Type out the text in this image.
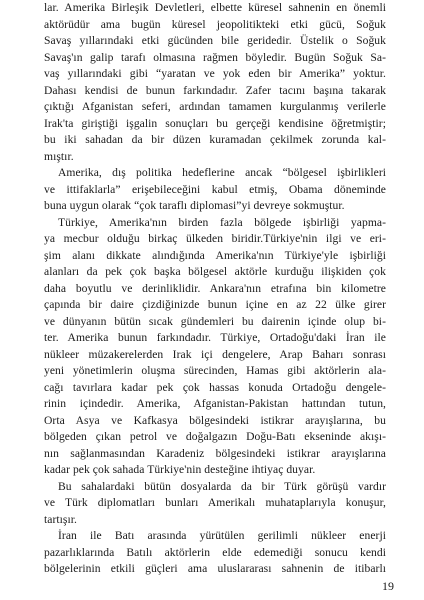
lar. Amerika Birleşik Devletleri, elbette küresel sahnenin en önemli
aktörüdür ama bugün küresel jeopolitikteki etki gücü, Soğuk
Savaş yıllarındaki etki gücünden bile geridedir. Üstelik o Soğuk
Savaş'ın galip tarafı olmasına rağmen böyledir. Bugün Soğuk Sa-
vaş yıllarındaki gibi “yaratan ve yok eden bir Amerika” yoktur.
Dahası kendisi de bunun farkındadır. Zafer tacını başına takarak
çıktığı Afganistan seferi, ardından tamamen kurgulanmış verilerle
Irak'ta giriştiği işgalin sonuçları bu gerçeği kendisine öğretmiştir;
bu iki sahadan da bir düzen kuramadan çekilmek zorunda kal-
mıştır.
Amerika, dış politika hedeflerine ancak “bölgesel işbirlikleri
ve ittifaklarla” erişebileceğini kabul etmiş, Obama döneminde
buna uygun olarak “çok taraflı diplomasi”yi devreye sokmuştur.
Türkiye, Amerika'nın birden fazla bölgede işbirliği yapma-
ya mecbur olduğu birkaç ülkeden biridir.Türkiye'nin ilgi ve eri-
şim alanı dikkate alındığında Amerika'nın Türkiye'yle işbirliği
alanları da pek çok başka bölgesel aktörle kurduğu ilişkiden çok
daha boyutlu ve derinliklidir. Ankara'nın etrafına bin kilometre
çapında bir daire çizdiğinizde bunun içine en az 22 ülke girer
ve dünyanın bütün sıcak gündemleri bu dairenin içinde olup bi-
ter. Amerika bunun farkındadır. Türkiye, Ortadoğu'daki İran ile
nükleer müzakerelerden Irak içi dengelere, Arap Baharı sonrası
yeni yönetimlerin oluşma sürecinden, Hamas gibi aktörlerin ala-
cağı tavırlara kadar pek çok hassas konuda Ortadoğu dengele-
rinin içindedir. Amerika, Afganistan-Pakistan hattından tutun,
Orta Asya ve Kafkasya bölgesindeki istikrar arayışlarına, bu
bölgeden çıkan petrol ve doğalgazın Doğu-Batı ekseninde akışı-
nın sağlanmasından Karadeniz bölgesindeki istikrar arayışlarına
kadar pek çok sahada Türkiye'nin desteğine ihtiyaç duyar.
Bu sahalardaki bütün dosyalarda da bir Türk görüşü vardır
ve Türk diplomatları bunları Amerikalı muhataplarıyla konuşur,
tartışır.
İran ile Batı arasında yürütülen gerilimli nükleer enerji
pazarlıklarında Batılı aktörlerin elde edemediği sonucu kendi
bölgelerinin etkili güçleri ama uluslararası sahnenin de itibarlı
19
